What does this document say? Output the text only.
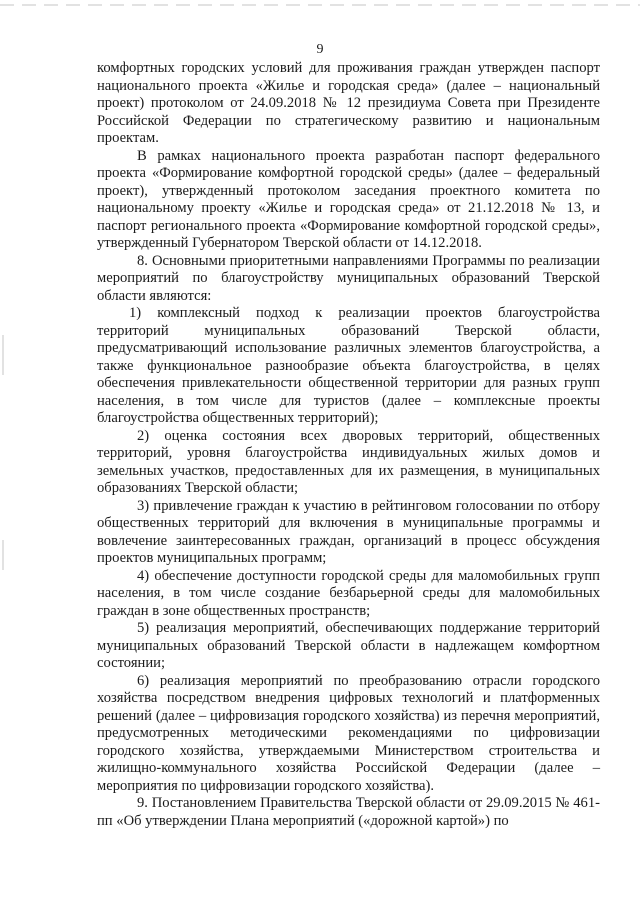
9

комфортных городских условий для проживания граждан утвержден паспорт национального проекта «Жилье и городская среда» (далее – национальный проект) протоколом от 24.09.2018 № 12 президиума Совета при Президенте Российской Федерации по стратегическому развитию и национальным проектам.

В рамках национального проекта разработан паспорт федерального проекта «Формирование комфортной городской среды» (далее – федеральный проект), утвержденный протоколом заседания проектного комитета по национальному проекту «Жилье и городская среда» от 21.12.2018 № 13, и паспорт регионального проекта «Формирование комфортной городской среды», утвержденный Губернатором Тверской области от 14.12.2018.

8. Основными приоритетными направлениями Программы по реализации мероприятий по благоустройству муниципальных образований Тверской области являются:

1) комплексный подход к реализации проектов благоустройства территорий муниципальных образований Тверской области, предусматривающий использование различных элементов благоустройства, а также функциональное разнообразие объекта благоустройства, в целях обеспечения привлекательности общественной территории для разных групп населения, в том числе для туристов (далее – комплексные проекты благоустройства общественных территорий);

2) оценка состояния всех дворовых территорий, общественных территорий, уровня благоустройства индивидуальных жилых домов и земельных участков, предоставленных для их размещения, в муниципальных образованиях Тверской области;

3) привлечение граждан к участию в рейтинговом голосовании по отбору общественных территорий для включения в муниципальные программы и вовлечение заинтересованных граждан, организаций в процесс обсуждения проектов муниципальных программ;

4) обеспечение доступности городской среды для маломобильных групп населения, в том числе создание безбарьерной среды для маломобильных граждан в зоне общественных пространств;

5) реализация мероприятий, обеспечивающих поддержание территорий муниципальных образований Тверской области в надлежащем комфортном состоянии;

6) реализация мероприятий по преобразованию отрасли городского хозяйства посредством внедрения цифровых технологий и платформенных решений (далее – цифровизация городского хозяйства) из перечня мероприятий, предусмотренных методическими рекомендациями по цифровизации городского хозяйства, утверждаемыми Министерством строительства и жилищно-коммунального хозяйства Российской Федерации (далее – мероприятия по цифровизации городского хозяйства).

9. Постановлением Правительства Тверской области от 29.09.2015 № 461-пп «Об утверждении Плана мероприятий («дорожной картой») по
